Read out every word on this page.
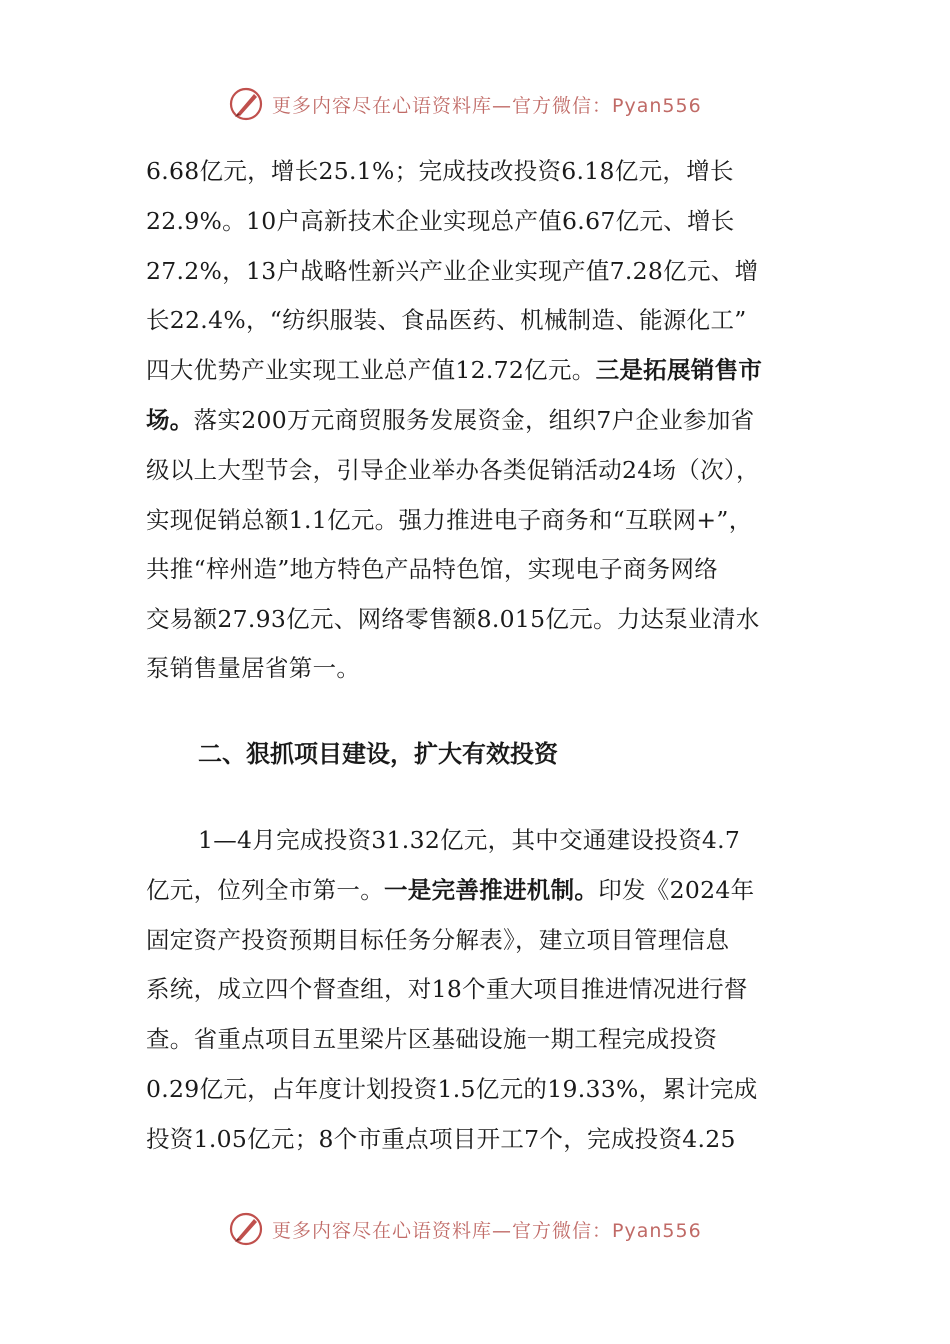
更多内容尽在心语资料库—官方微信：Pyan556
6.68亿元，增长25.1%；完成技改投资6.18亿元，增长
22.9%。10户高新技术企业实现总产值6.67亿元、增长
27.2%，13户战略性新兴产业企业实现产值7.28亿元、增
长22.4%，“纺织服装、食品医药、机械制造、能源化工”
四大优势产业实现工业总产值12.72亿元。三是拓展销售市
场。落实200万元商贸服务发展资金，组织7户企业参加省
级以上大型节会，引导企业举办各类促销活动24场（次），
实现促销总额1.1亿元。强力推进电子商务和“互联网+”，
共推“梓州造”地方特色产品特色馆，实现电子商务网络
交易额27.93亿元、网络零售额8.015亿元。力达泵业清水
泵销售量居省第一。
二、狠抓项目建设，扩大有效投资
1—4月完成投资31.32亿元，其中交通建设投资4.7
亿元，位列全市第一。一是完善推进机制。印发《2024年
固定资产投资预期目标任务分解表》，建立项目管理信息
系统，成立四个督查组，对18个重大项目推进情况进行督
查。省重点项目五里梁片区基础设施一期工程完成投资
0.29亿元，占年度计划投资1.5亿元的19.33%，累计完成
投资1.05亿元；8个市重点项目开工7个，完成投资4.25
更多内容尽在心语资料库—官方微信：Pyan556
